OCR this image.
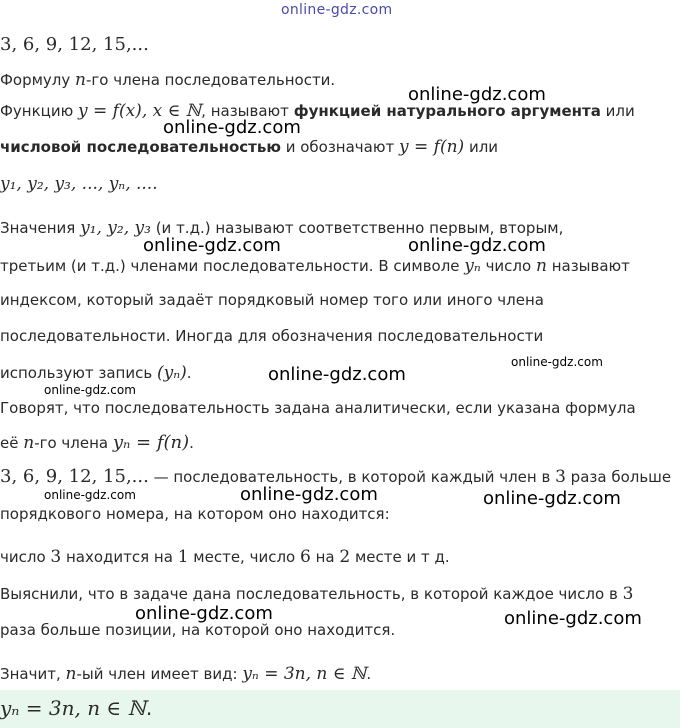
online-gdz.com
3, 6, 9, 12, 15,...
Формулу n-го члена последовательности.
Функцию y = f(x), x ∈ ℕ, называют функцией натурального аргумента или
числовой последовательностью и обозначают y = f(n) или
y₁, y₂, y₃, ..., yₙ, ....
Значения y₁, y₂, y₃ (и т.д.) называют соответственно первым, вторым,
третьим (и т.д.) членами последовательности. В символе yₙ число n называют
индексом, который задаёт порядковый номер того или иного члена
последовательности. Иногда для обозначения последовательности
используют запись (yₙ).
Говорят, что последовательность задана аналитически, если указана формула
её n-го члена yₙ = f(n).
3, 6, 9, 12, 15,... — последовательность, в которой каждый член в 3 раза больше
порядкового номера, на котором оно находится:
число 3 находится на 1 месте, число 6 на 2 месте и т д.
Выяснили, что в задаче дана последовательность, в которой каждое число в 3
раза больше позиции, на которой оно находится.
Значит, n-ый член имеет вид: yₙ = 3n, n ∈ ℕ.
yₙ = 3n, n ∈ ℕ.
online-gdz.com
online-gdz.com
online-gdz.com	online-gdz.com
online-gdz.com
online-gdz.com
online-gdz.com
online-gdz.com	online-gdz.com	online-gdz.com
online-gdz.com	online-gdz.com
